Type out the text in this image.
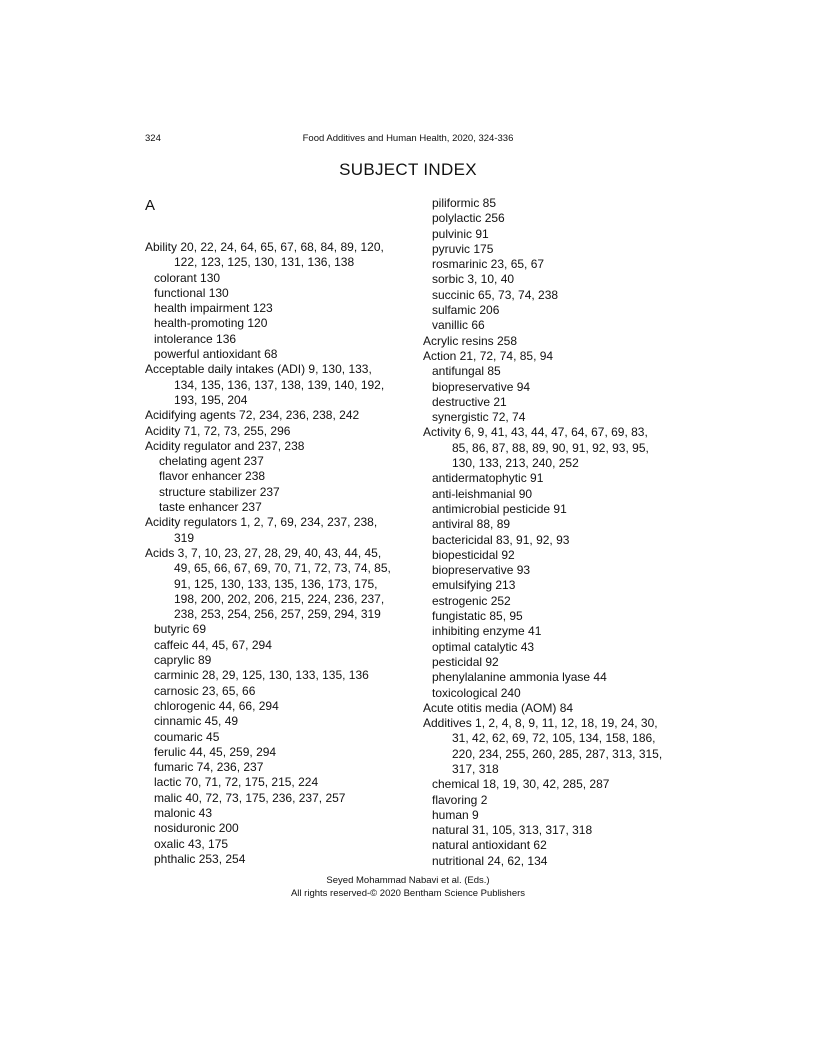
324	Food Additives and Human Health, 2020, 324-336
SUBJECT INDEX
A
Ability 20, 22, 24, 64, 65, 67, 68, 84, 89, 120,
122, 123, 125, 130, 131, 136, 138
colorant 130
functional 130
health impairment 123
health-promoting 120
intolerance 136
powerful antioxidant 68
Acceptable daily intakes (ADI) 9, 130, 133,
134, 135, 136, 137, 138, 139, 140, 192,
193, 195, 204
Acidifying agents 72, 234, 236, 238, 242
Acidity 71, 72, 73, 255, 296
Acidity regulator and 237, 238
chelating agent 237
flavor enhancer 238
structure stabilizer 237
taste enhancer 237
Acidity regulators 1, 2, 7, 69, 234, 237, 238,
319
Acids 3, 7, 10, 23, 27, 28, 29, 40, 43, 44, 45,
49, 65, 66, 67, 69, 70, 71, 72, 73, 74, 85,
91, 125, 130, 133, 135, 136, 173, 175,
198, 200, 202, 206, 215, 224, 236, 237,
238, 253, 254, 256, 257, 259, 294, 319
butyric 69
caffeic 44, 45, 67, 294
caprylic 89
carminic 28, 29, 125, 130, 133, 135, 136
carnosic 23, 65, 66
chlorogenic 44, 66, 294
cinnamic 45, 49
coumaric 45
ferulic 44, 45, 259, 294
fumaric 74, 236, 237
lactic 70, 71, 72, 175, 215, 224
malic 40, 72, 73, 175, 236, 237, 257
malonic 43
nosiduronic 200
oxalic 43, 175
phthalic 253, 254
piliformic 85
polylactic 256
pulvinic 91
pyruvic 175
rosmarinic 23, 65, 67
sorbic 3, 10, 40
succinic 65, 73, 74, 238
sulfamic 206
vanillic 66
Acrylic resins 258
Action 21, 72, 74, 85, 94
antifungal 85
biopreservative 94
destructive 21
synergistic 72, 74
Activity 6, 9, 41, 43, 44, 47, 64, 67, 69, 83,
85, 86, 87, 88, 89, 90, 91, 92, 93, 95,
130, 133, 213, 240, 252
antidermatophytic 91
anti-leishmanial 90
antimicrobial pesticide 91
antiviral 88, 89
bactericidal 83, 91, 92, 93
biopesticidal 92
biopreservative 93
emulsifying 213
estrogenic 252
fungistatic 85, 95
inhibiting enzyme 41
optimal catalytic 43
pesticidal 92
phenylalanine ammonia lyase 44
toxicological 240
Acute otitis media (AOM) 84
Additives 1, 2, 4, 8, 9, 11, 12, 18, 19, 24, 30,
31, 42, 62, 69, 72, 105, 134, 158, 186,
220, 234, 255, 260, 285, 287, 313, 315,
317, 318
chemical 18, 19, 30, 42, 285, 287
flavoring 2
human 9
natural 31, 105, 313, 317, 318
natural antioxidant 62
nutritional 24, 62, 134
Seyed Mohammad Nabavi et al. (Eds.)
All rights reserved-© 2020 Bentham Science Publishers
